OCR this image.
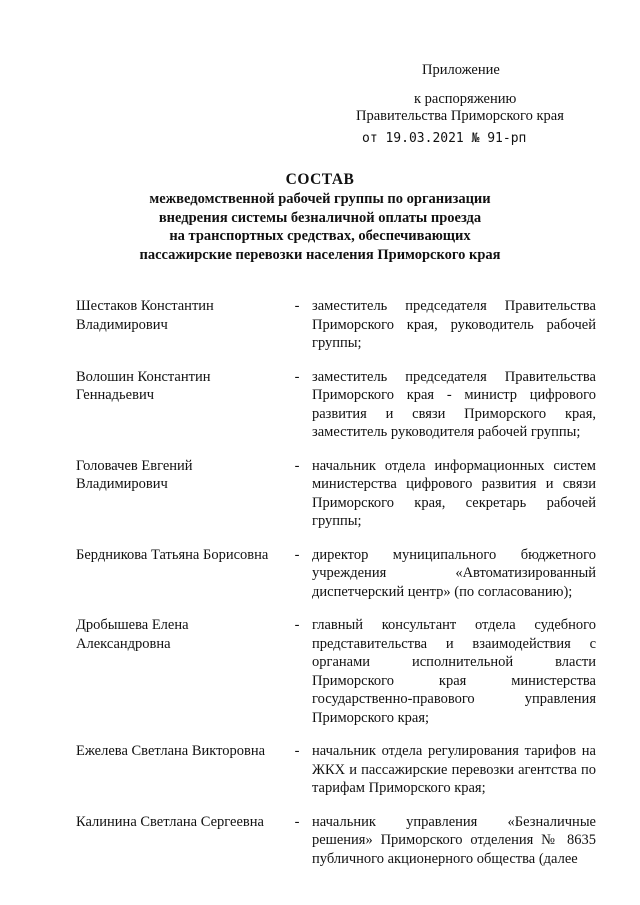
Приложение
к распоряжению
Правительства Приморского края
от 19.03.2021 № 91-рп
СОСТАВ
межведомственной рабочей группы по организации
внедрения системы безналичной оплаты проезда
на транспортных средствах, обеспечивающих
пассажирские перевозки населения Приморского края
Шестаков Константин
Владимирович
- заместитель председателя Правительства Приморского края, руководитель рабочей группы;
Волошин Константин
Геннадьевич
- заместитель председателя Правительства Приморского края - министр цифрового развития и связи Приморского края, заместитель руководителя рабочей группы;
Головачев Евгений
Владимирович
- начальник отдела информационных систем министерства цифрового развития и связи Приморского края, секретарь рабочей группы;
Бердникова Татьяна Борисовна	- директор муниципального бюджетного учреждения «Автоматизированный диспетчерский центр» (по согласованию);
Дробышева Елена
Александровна
- главный консультант отдела судебного представительства и взаимодействия с органами исполнительной власти Приморского края министерства государственно-правового управления Приморского края;
Ежелева Светлана Викторовна	- начальник отдела регулирования тарифов на ЖКХ и пассажирские перевозки агентства по тарифам Приморского края;
Калинина Светлана Сергеевна	- начальник управления «Безналичные решения» Приморского отделения № 8635 публичного акционерного общества (далее
